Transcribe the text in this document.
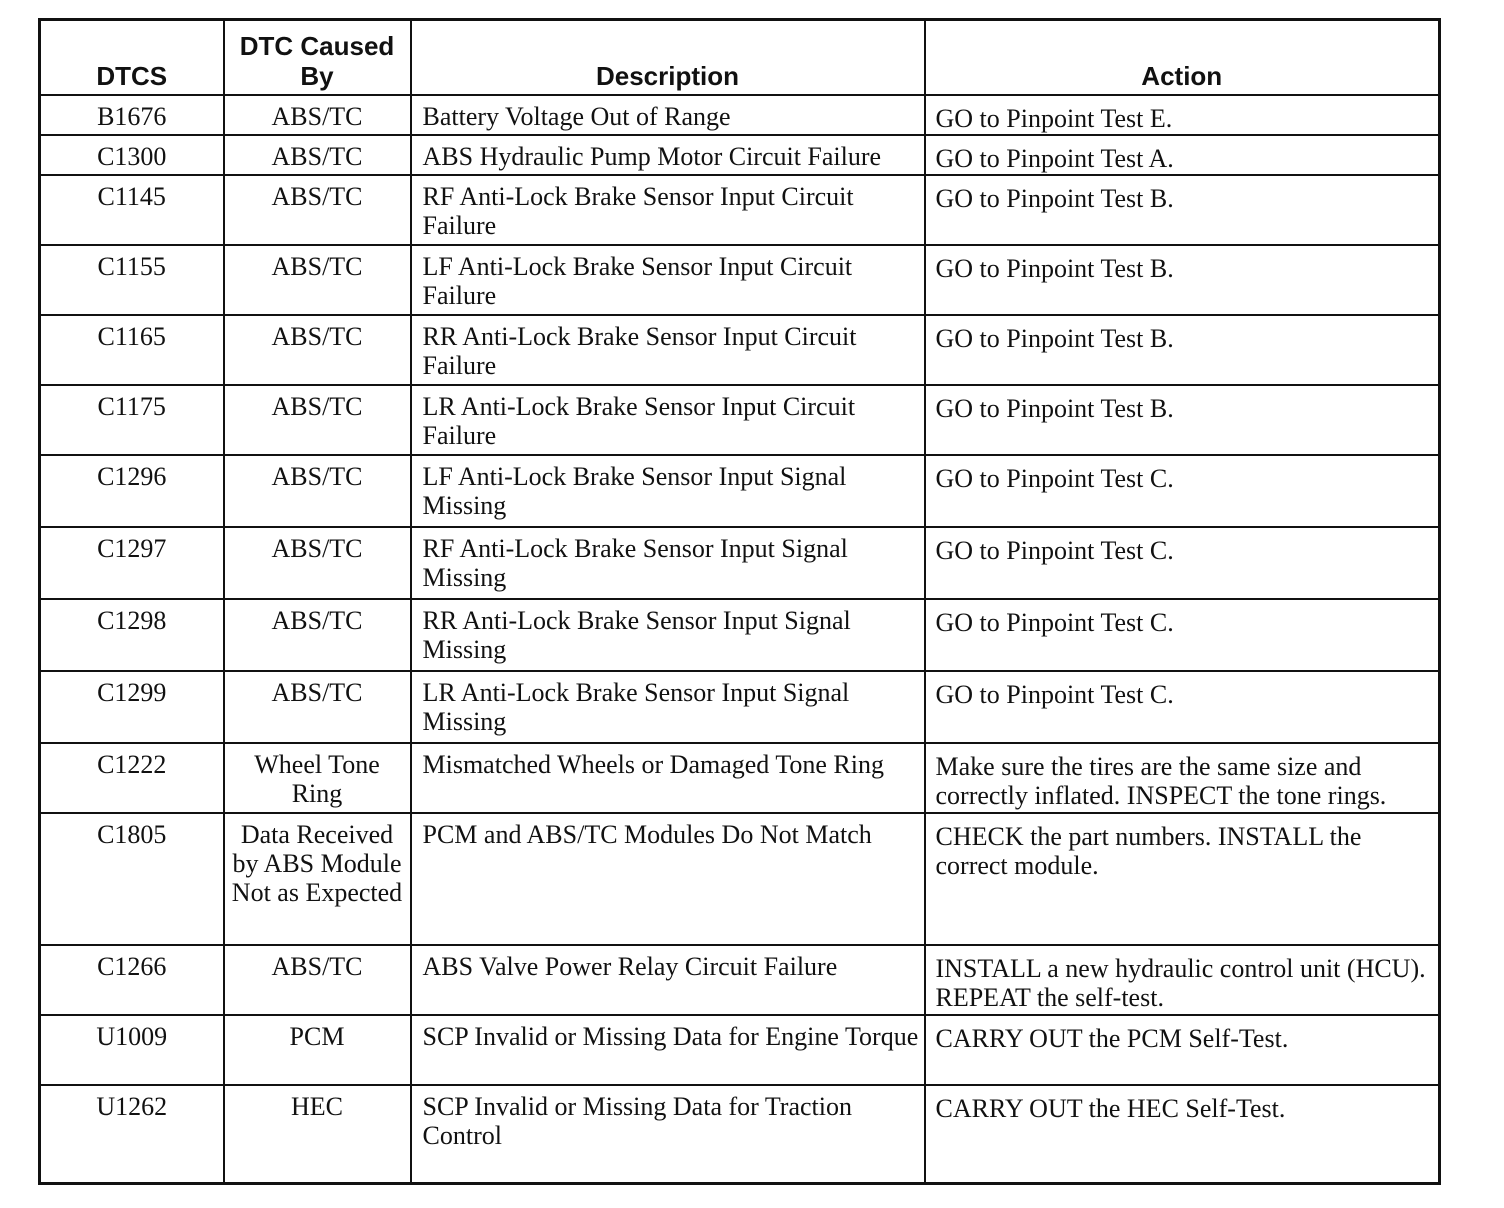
DTCS	DTC Caused By	Description	Action
B1676	ABS/TC	Battery Voltage Out of Range	GO to Pinpoint Test E.
C1300	ABS/TC	ABS Hydraulic Pump Motor Circuit Failure	GO to Pinpoint Test A.
C1145	ABS/TC	RF Anti-Lock Brake Sensor Input Circuit Failure	GO to Pinpoint Test B.
C1155	ABS/TC	LF Anti-Lock Brake Sensor Input Circuit Failure	GO to Pinpoint Test B.
C1165	ABS/TC	RR Anti-Lock Brake Sensor Input Circuit Failure	GO to Pinpoint Test B.
C1175	ABS/TC	LR Anti-Lock Brake Sensor Input Circuit Failure	GO to Pinpoint Test B.
C1296	ABS/TC	LF Anti-Lock Brake Sensor Input Signal Missing	GO to Pinpoint Test C.
C1297	ABS/TC	RF Anti-Lock Brake Sensor Input Signal Missing	GO to Pinpoint Test C.
C1298	ABS/TC	RR Anti-Lock Brake Sensor Input Signal Missing	GO to Pinpoint Test C.
C1299	ABS/TC	LR Anti-Lock Brake Sensor Input Signal Missing	GO to Pinpoint Test C.
C1222	Wheel Tone Ring	Mismatched Wheels or Damaged Tone Ring	Make sure the tires are the same size and correctly inflated. INSPECT the tone rings.
C1805	Data Received by ABS Module Not as Expected	PCM and ABS/TC Modules Do Not Match	CHECK the part numbers. INSTALL the correct module.
C1266	ABS/TC	ABS Valve Power Relay Circuit Failure	INSTALL a new hydraulic control unit (HCU). REPEAT the self-test.
U1009	PCM	SCP Invalid or Missing Data for Engine Torque	CARRY OUT the PCM Self-Test.
U1262	HEC	SCP Invalid or Missing Data for Traction Control	CARRY OUT the HEC Self-Test.
